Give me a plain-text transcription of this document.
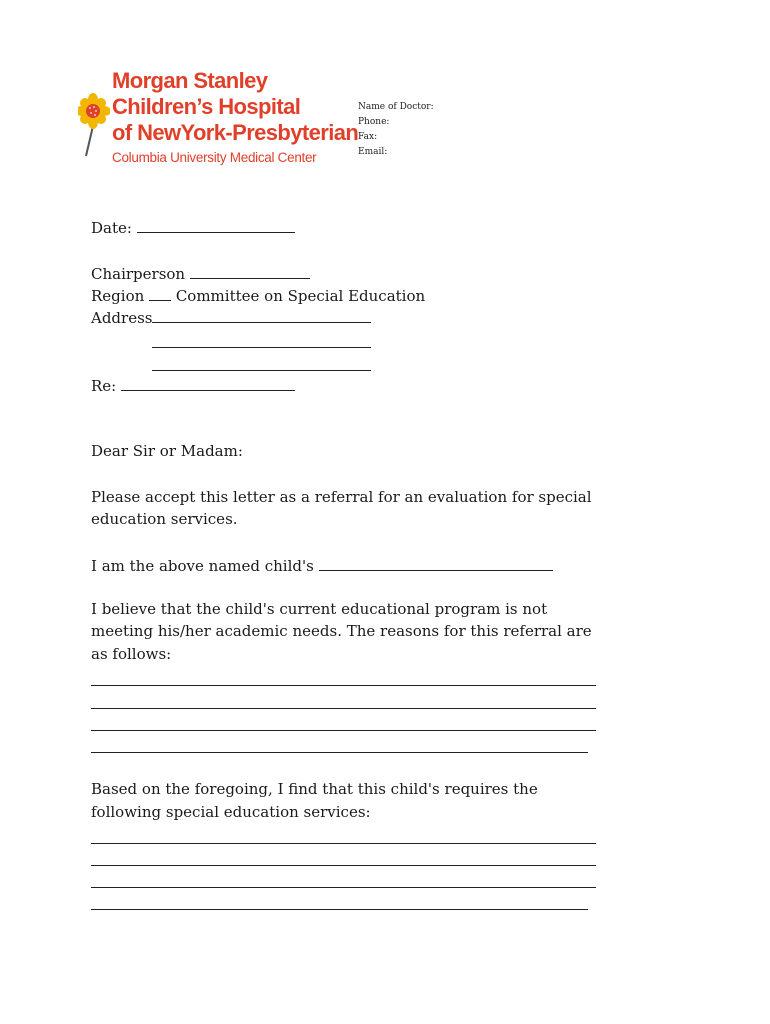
Morgan Stanley
Children’s Hospital
of NewYork-Presbyterian
Columbia University Medical Center
Name of Doctor:
Phone:
Fax:
Email:
Date:
Chairperson
Region Committee on Special Education
Address
Re:
Dear Sir or Madam:
Please accept this letter as a referral for an evaluation for special
education services.
I am the above named child's
I believe that the child's current educational program is not
meeting his/her academic needs. The reasons for this referral are
as follows:
Based on the foregoing, I find that this child's requires the
following special education services:
